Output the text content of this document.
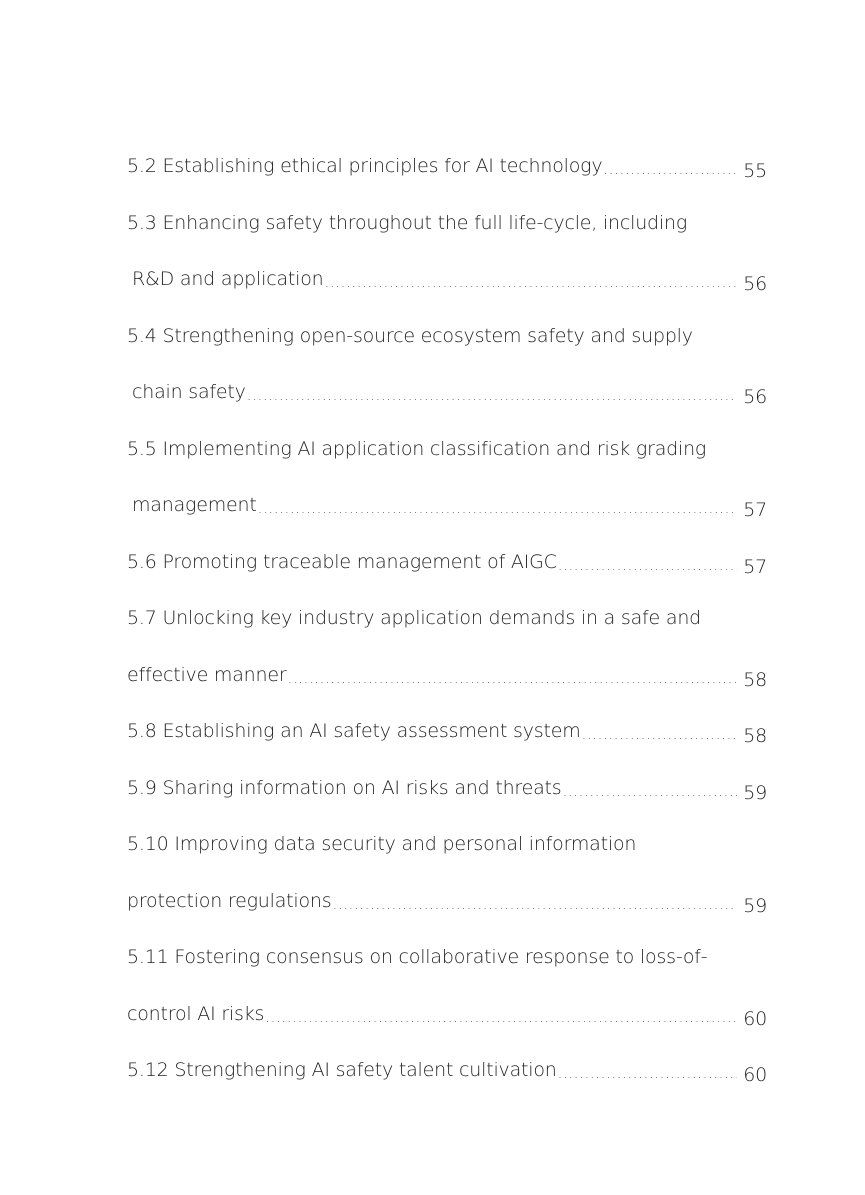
5.2 Establishing ethical principles for AI technology .....	55
5.3 Enhancing safety throughout the full life-cycle, including
R&D and application .....	56
5.4 Strengthening open-source ecosystem safety and supply
chain safety .....	56
5.5 Implementing AI application classification and risk grading
management .....	57
5.6 Promoting traceable management of AIGC .....	57
5.7 Unlocking key industry application demands in a safe and
effective manner .....	58
5.8 Establishing an AI safety assessment system .....	58
5.9 Sharing information on AI risks and threats .....	59
5.10 Improving data security and personal information
protection regulations .....	59
5.11 Fostering consensus on collaborative response to loss-of-
control AI risks .....	60
5.12 Strengthening AI safety talent cultivation .....	60
